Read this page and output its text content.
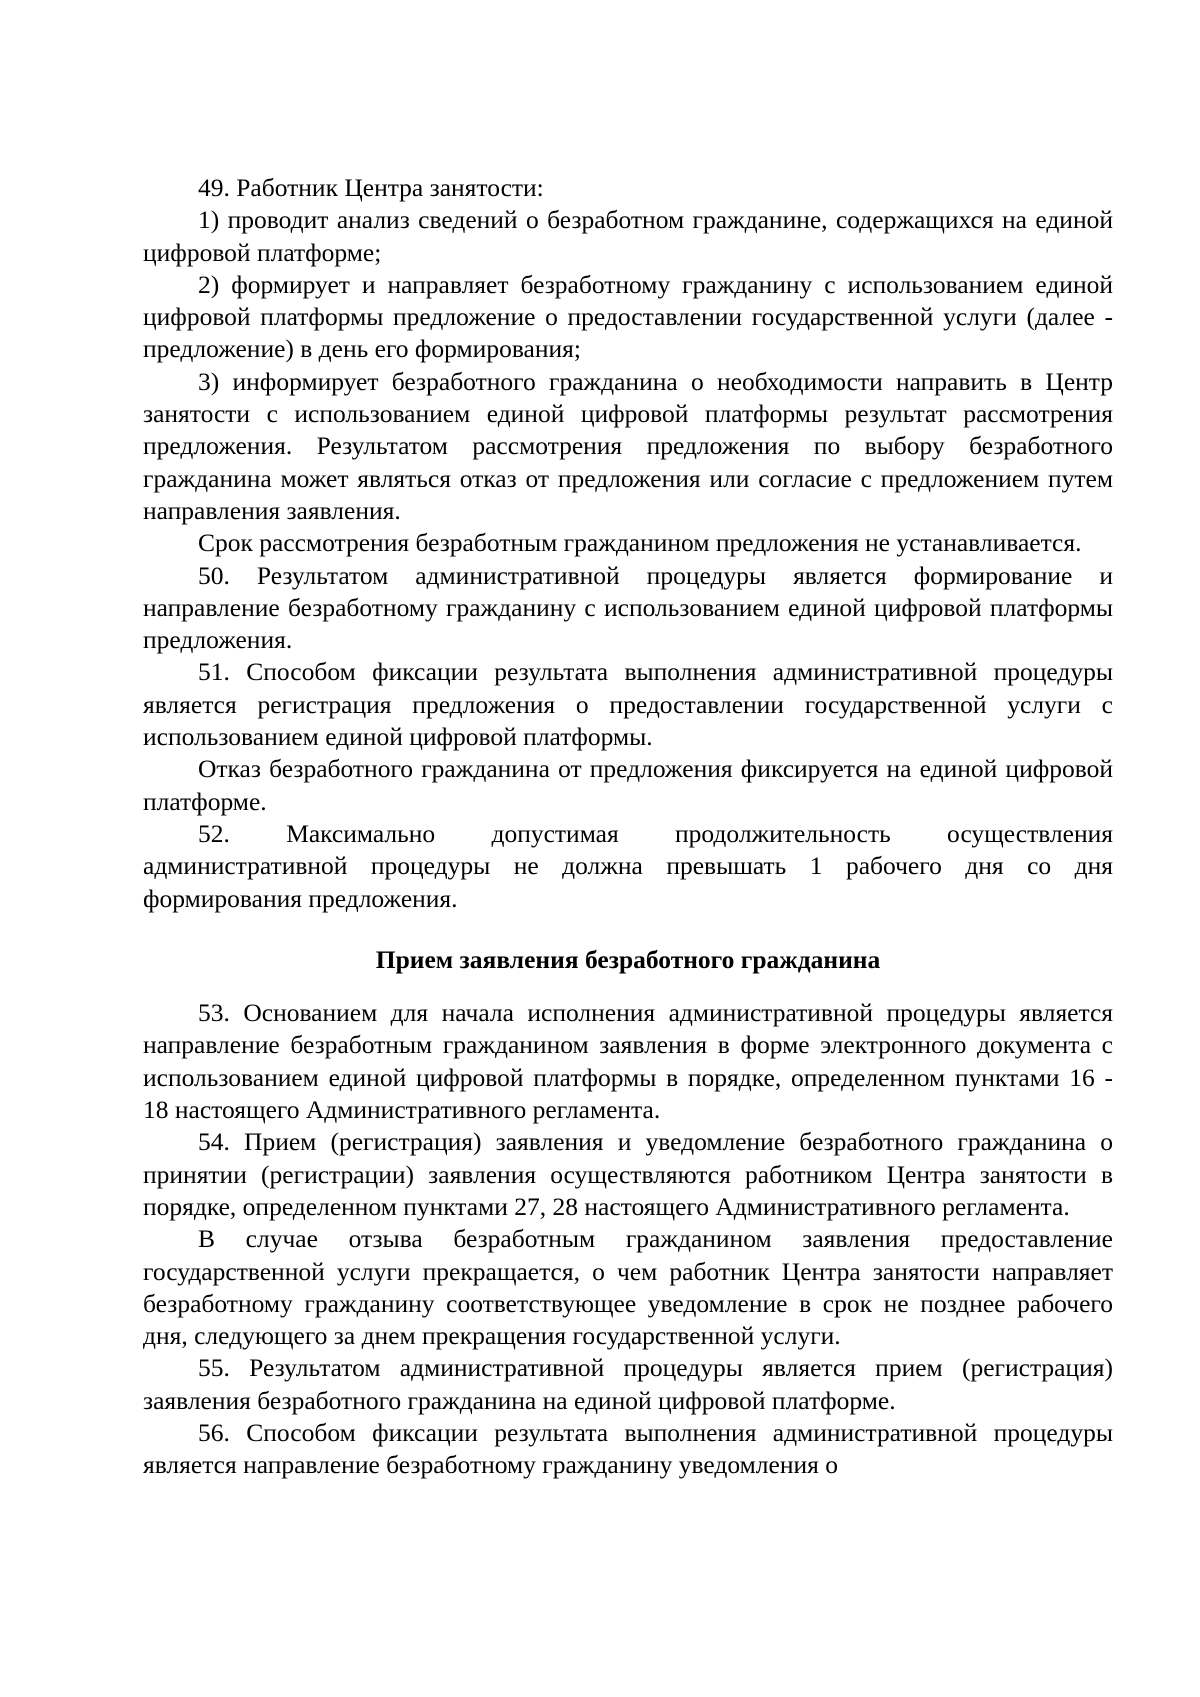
49. Работник Центра занятости:

1) проводит анализ сведений о безработном гражданине, содержащихся на единой цифровой платформе;

2) формирует и направляет безработному гражданину с использованием единой цифровой платформы предложение о предоставлении государственной услуги (далее - предложение) в день его формирования;

3) информирует безработного гражданина о необходимости направить в Центр занятости с использованием единой цифровой платформы результат рассмотрения предложения. Результатом рассмотрения предложения по выбору безработного гражданина может являться отказ от предложения или согласие с предложением путем направления заявления.

Срок рассмотрения безработным гражданином предложения не устанавливается.

50. Результатом административной процедуры является формирование и направление безработному гражданину с использованием единой цифровой платформы предложения.

51. Способом фиксации результата выполнения административной процедуры является регистрация предложения о предоставлении государственной услуги с использованием единой цифровой платформы.

Отказ безработного гражданина от предложения фиксируется на единой цифровой платформе.

52. Максимально допустимая продолжительность осуществления административной процедуры не должна превышать 1 рабочего дня со дня формирования предложения.

Прием заявления безработного гражданина

53. Основанием для начала исполнения административной процедуры является направление безработным гражданином заявления в форме электронного документа с использованием единой цифровой платформы в порядке, определенном пунктами 16 - 18 настоящего Административного регламента.

54. Прием (регистрация) заявления и уведомление безработного гражданина о принятии (регистрации) заявления осуществляются работником Центра занятости в порядке, определенном пунктами 27, 28 настоящего Административного регламента.

В случае отзыва безработным гражданином заявления предоставление государственной услуги прекращается, о чем работник Центра занятости направляет безработному гражданину соответствующее уведомление в срок не позднее рабочего дня, следующего за днем прекращения государственной услуги.

55. Результатом административной процедуры является прием (регистрация) заявления безработного гражданина на единой цифровой платформе.

56. Способом фиксации результата выполнения административной процедуры является направление безработному гражданину уведомления о
